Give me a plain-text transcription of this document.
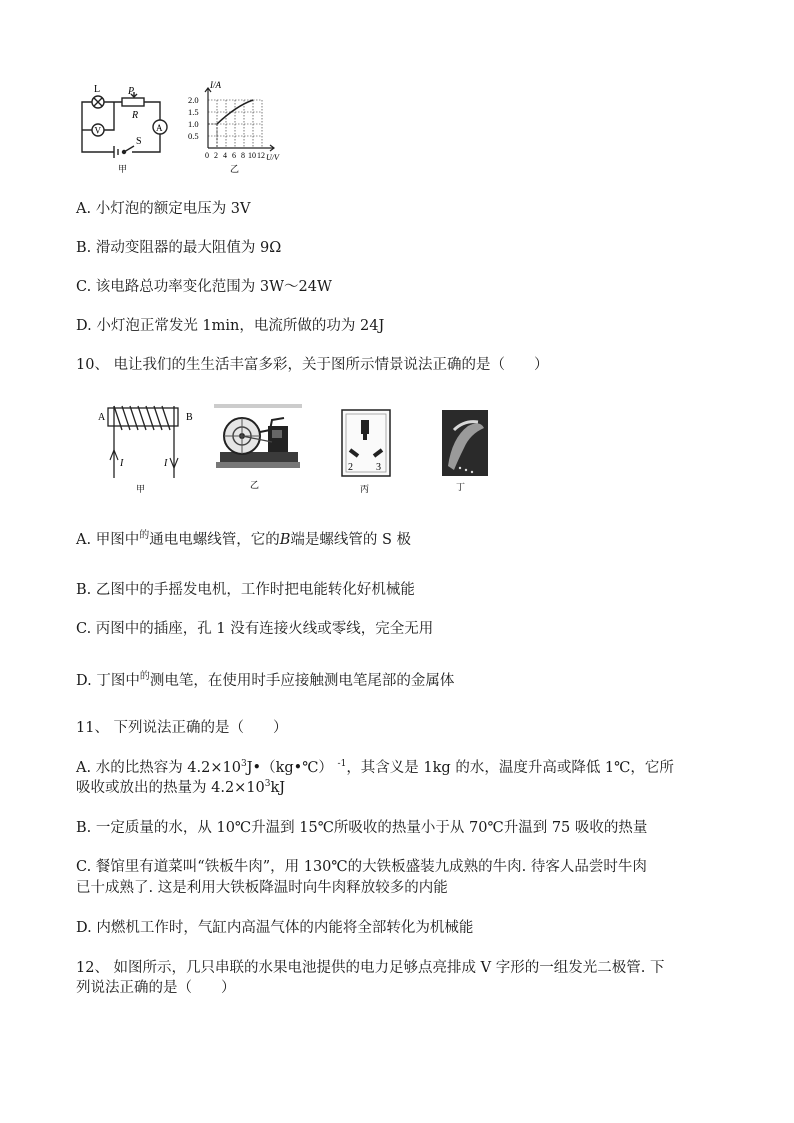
L	P
R
A
V
S
甲
I/A
U/V
2.0
1.5
1.0
0.5
0 2 4 6 8 10 12
乙
A. 小灯泡的额定电压为 3V
B. 滑动变阻器的最大阻值为 9Ω
C. 该电路总功率变化范围为 3W～24W
D. 小灯泡正常发光 1min，电流所做的功为 24J
10、 电让我们的生生活丰富多彩，关于图所示情景说法正确的是（　　）
A	B
I	I
甲	乙
2 3
丙	丁
A. 甲图中$^的$通电电螺线管，它的B端是螺线管的 S 极
B. 乙图中的手摇发电机，工作时把电能转化好机械能
C. 丙图中的插座，孔 1 没有连接火线或零线，完全无用
D. 丁图中$^的$测电笔，在使用时手应接触测电笔尾部的金属体
11、 下列说法正确的是（　　）
A. 水的比热容为 $4.2\times 10^3J•(kg•℃)$ $^{-1}$，其含义是 1kg 的水，温度升高或降低 1℃，它所
吸收或放出的热量为 $4.2\times 10^3kJ$
B. 一定质量的水，从 10℃升温到 15℃所吸收的热量小于从 70℃升温到 75 吸收的热量
C. 餐馆里有道菜叫“铁板牛肉”，用 130℃的大铁板盛装九成熟的牛肉. 待客人品尝时牛肉
已十成熟了. 这是利用大铁板降温时向牛肉释放较多的内能
D. 内燃机工作时，气缸内高温气体的内能将全部转化为机械能
12、 如图所示，几只串联的水果电池提供的电力足够点亮排成 V 字形的一组发光二极管. 下
列说法正确的是（　　）
